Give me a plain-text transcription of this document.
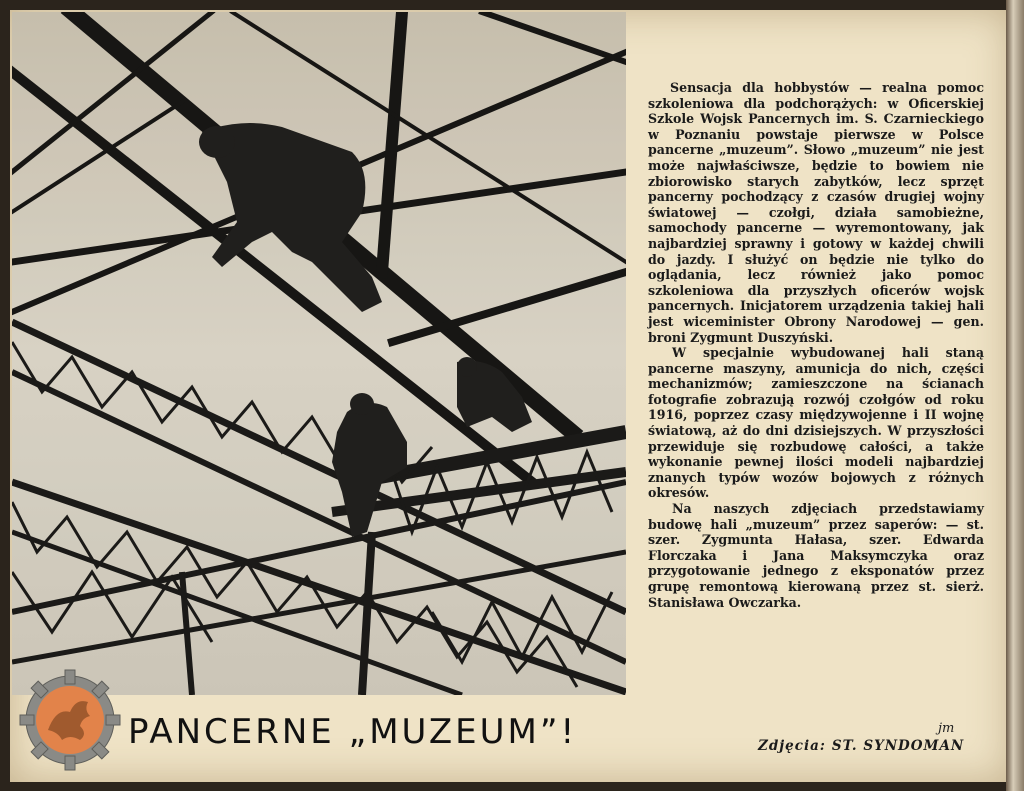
PANCERNE „MUZEUM”!

Sensacja dla hobbystów — realna pomoc szkoleniowa dla podchorążych: w Oficerskiej Szkole Wojsk Pancernych im. S. Czarnieckiego w Poznaniu powstaje pierwsze w Polsce pancerne „muzeum”. Słowo „muzeum” nie jest może najwłaściwsze, będzie to bowiem nie zbiorowisko starych zabytków, lecz sprzęt pancerny pochodzący z czasów drugiej wojny światowej — czołgi, działa samobieżne, samochody pancerne — wyremontowany, jak najbardziej sprawny i gotowy w każdej chwili do jazdy. I służyć on będzie nie tylko do oglądania, lecz również jako pomoc szkoleniowa dla przyszłych oficerów wojsk pancernych. Inicjatorem urządzenia takiej hali jest wiceminister Obrony Narodowej — gen. broni Zygmunt Duszyński.

W specjalnie wybudowanej hali staną pancerne maszyny, amunicja do nich, części mechanizmów; zamieszczone na ścianach fotografie zobrazują rozwój czołgów od roku 1916, poprzez czasy międzywojenne i II wojnę światową, aż do dni dzisiejszych. W przyszłości przewiduje się rozbudowę całości, a także wykonanie pewnej ilości modeli najbardziej znanych typów wozów bojowych z różnych okresów.

Na naszych zdjęciach przedstawiamy budowę hali „muzeum” przez saperów: — st. szer. Zygmunta Hałasa, szer. Edwarda Florczaka i Jana Maksymczyka oraz przygotowanie jednego z eksponatów przez grupę remontową kierowaną przez st. sierż. Stanisława Owczarka.

jm
Zdjęcia: ST. SYNDOMAN
